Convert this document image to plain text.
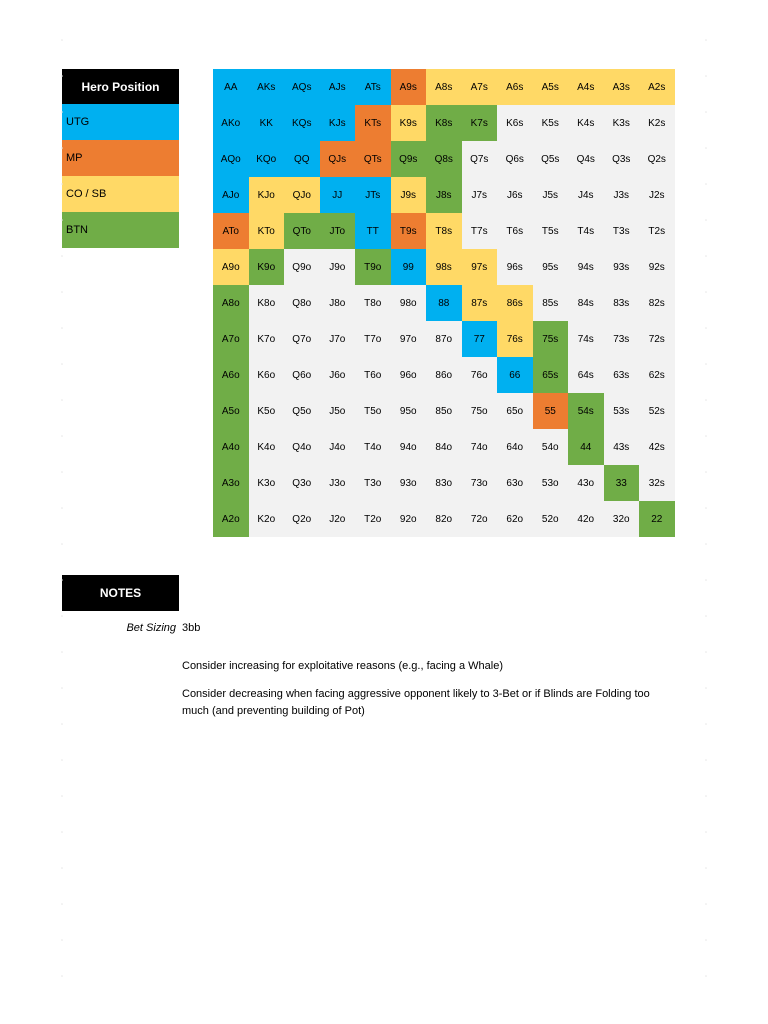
Hero Position
UTG
MP
CO / SB
BTN
AA	AKs	AQs	AJs	ATs	A9s	A8s	A7s	A6s	A5s	A4s	A3s	A2s
AKo	KK	KQs	KJs	KTs	K9s	K8s	K7s	K6s	K5s	K4s	K3s	K2s
AQo	KQo	QQ	QJs	QTs	Q9s	Q8s	Q7s	Q6s	Q5s	Q4s	Q3s	Q2s
AJo	KJo	QJo	JJ	JTs	J9s	J8s	J7s	J6s	J5s	J4s	J3s	J2s
ATo	KTo	QTo	JTo	TT	T9s	T8s	T7s	T6s	T5s	T4s	T3s	T2s
A9o	K9o	Q9o	J9o	T9o	99	98s	97s	96s	95s	94s	93s	92s
A8o	K8o	Q8o	J8o	T8o	98o	88	87s	86s	85s	84s	83s	82s
A7o	K7o	Q7o	J7o	T7o	97o	87o	77	76s	75s	74s	73s	72s
A6o	K6o	Q6o	J6o	T6o	96o	86o	76o	66	65s	64s	63s	62s
A5o	K5o	Q5o	J5o	T5o	95o	85o	75o	65o	55	54s	53s	52s
A4o	K4o	Q4o	J4o	T4o	94o	84o	74o	64o	54o	44	43s	42s
A3o	K3o	Q3o	J3o	T3o	93o	83o	73o	63o	53o	43o	33	32s
A2o	K2o	Q2o	J2o	T2o	92o	82o	72o	62o	52o	42o	32o	22
NOTES
Bet Sizing 3bb
Consider increasing for exploitative reasons (e.g., facing a Whale)
Consider decreasing when facing aggressive opponent likely to 3-Bet or if Blinds are Folding too much (and preventing building of Pot)
